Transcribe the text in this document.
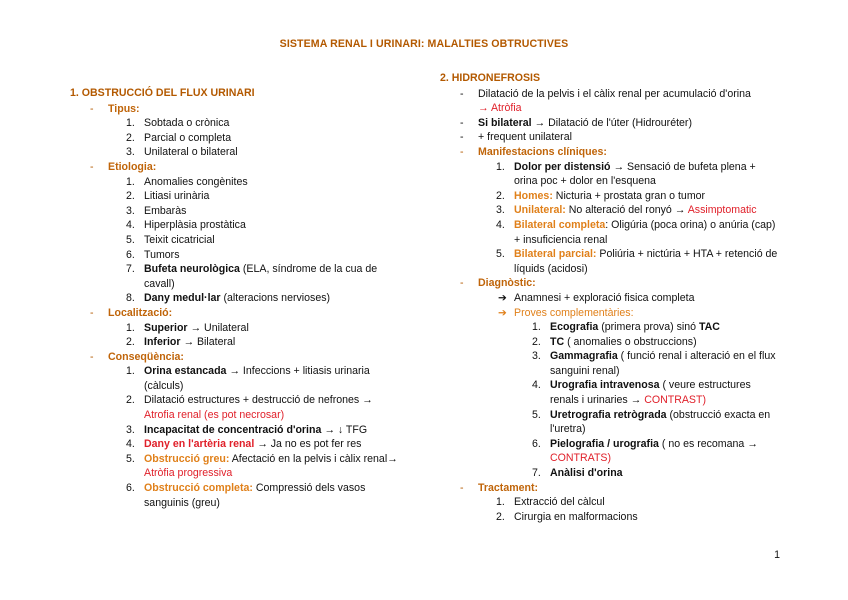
SISTEMA RENAL I URINARI: MALALTIES OBTRUCTIVES
1. OBSTRUCCIÓ DEL FLUX URINARI
- Tipus:
1. Sobtada o crònica
2. Parcial o completa
3. Unilateral o bilateral
- Etiologia:
1. Anomalies congènites
2. Litiasi urinària
3. Embaràs
4. Hiperplàsia prostàtica
5. Teixit cicatricial
6. Tumors
7. Bufeta neurològica (ELA, síndrome de la cua de cavall)
8. Dany medul·lar (alteracions nervioses)
- Localització:
1. Superior → Unilateral
2. Inferior → Bilateral
- Conseqüència:
1. Orina estancada → Infeccions + litiasis urinaria (càlculs)
2. Dilatació estructures + destrucció de nefrones →
Atrofia renal (es pot necrosar)
3. Incapacitat de concentració d'orina → ↓ TFG
4. Dany en l'artèria renal → Ja no es pot fer res
5. Obstrucció greu: Afectació en la pelvis i càlix renal→ Atròfia progressiva
6. Obstrucció completa: Compressió dels vasos sanguinis (greu)
2. HIDRONEFROSIS
- Dilatació de la pelvis i el càlix renal per acumulació d'orina
→ Atròfia
- Si bilateral → Dilatació de l'úter (Hidrouréter)
- + frequent unilateral
- Manifestacions clíniques:
1. Dolor per distensió → Sensació de bufeta plena + orina poc + dolor en l'esquena
2. Homes: Nicturia + prostata gran o tumor
3. Unilateral: No alteració del ronyó → Assimptomatic
4. Bilateral completa: Oligúria (poca orina) o anúria (cap) + insuficiencia renal
5. Bilateral parcial: Poliúria + nictúria + HTA + retenció de líquids (acidosi)
- Diagnòstic:
➔ Anamnesi + exploració fisica completa
➔ Proves complementàries:
1. Ecografia (primera prova) sinó TAC
2. TC ( anomalies o obstruccions)
3. Gammagrafia ( funció renal i alteració en el flux sanguini renal)
4. Urografia intravenosa ( veure estructures renals i urinaries → CONTRAST)
5. Uretrografia retrògrada (obstrucció exacta en l'uretra)
6. Pielografia / urografia ( no es recomana → CONTRATS)
7. Anàlisi d'orina
- Tractament:
1. Extracció del càlcul
2. Cirurgia en malformacions
1
